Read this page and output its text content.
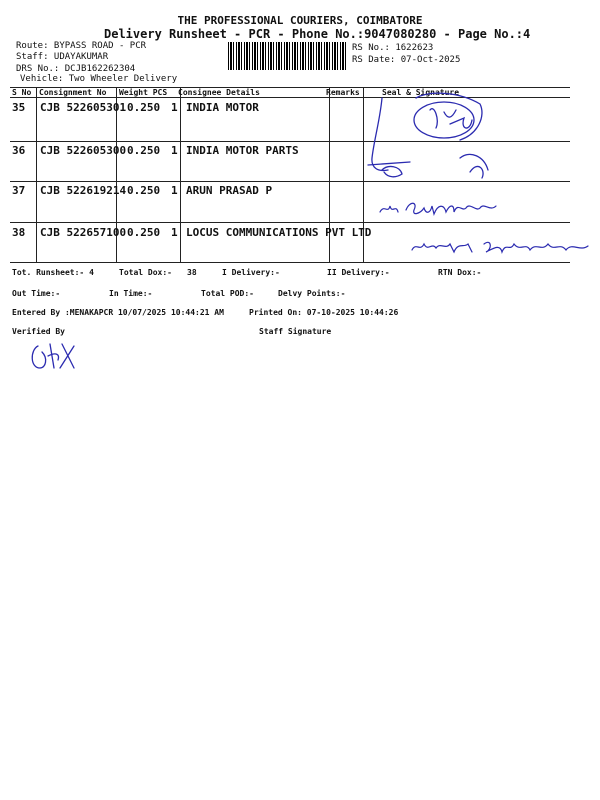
THE PROFESSIONAL COURIERS, COIMBATORE
Delivery Runsheet - PCR - Phone No.:9047080280 - Page No.:4
Route: BYPASS ROAD - PCR
Staff: UDAYAKUMAR
DRS No.: DCJB162262304
Vehicle: Two Wheeler Delivery
RS No.: 1622623
RS Date: 07-Oct-2025
S No Consignment No Weight PCS Consignee Details	Remarks	Seal & Signature
35 CJB 522605301 0.250 1 INDIA MOTOR
36 CJB 522605300 0.250 1 INDIA MOTOR PARTS
37 CJB 522619214 0.250 1 ARUN PRASAD P
38 CJB 522657100 0.250 1 LOCUS COMMUNICATIONS PVT LTD
Tot. Runsheet:- 4	Total Dox:- 38	I Delivery:-	II Delivery:-	RTN Dox:-
Out Time:-	In Time:-	Total POD:-	Delvy Points:-
Entered By :MENAKAPCR 10/07/2025 10:44:21 AM	Printed On: 07-10-2025 10:44:26
Verified By	Staff Signature
